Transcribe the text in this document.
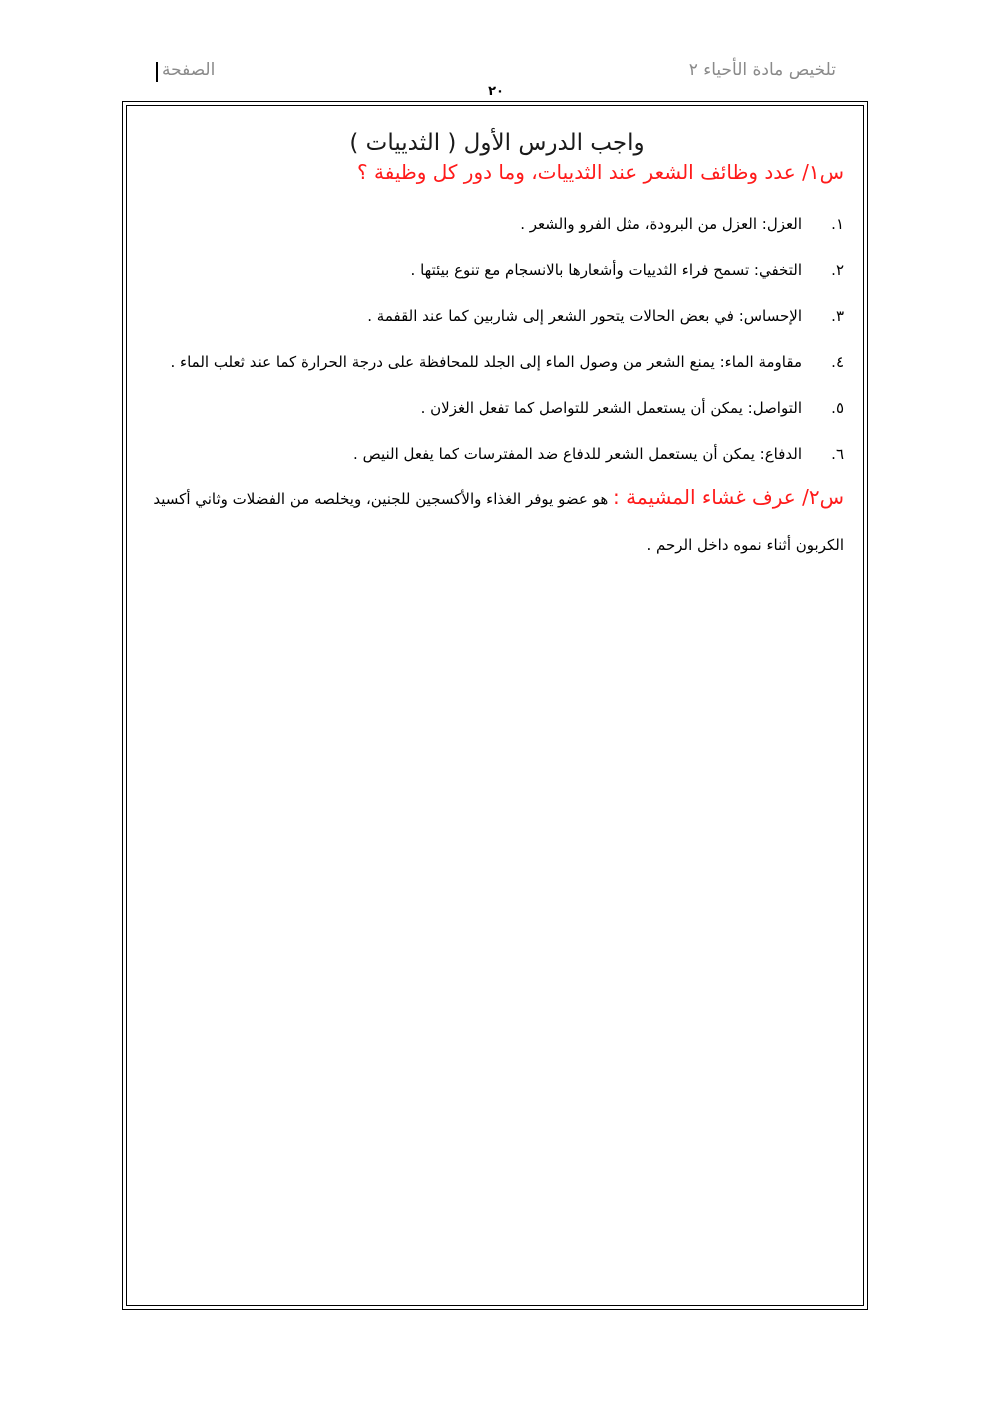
تلخيص مادة الأحياء ٢
الصفحة
٢٠
واجب الدرس الأول ( الثدييات )
س١/ عدد وظائف الشعر عند الثدييات، وما دور كل وظيفة ؟
١.
العزل: العزل من البرودة، مثل الفرو والشعر .
٢.
التخفي: تسمح فراء الثدييات وأشعارها بالانسجام مع تنوع بيئتها .
٣.
الإحساس: في بعض الحالات يتحور الشعر إلى شاربين كما عند القفمة .
٤.
مقاومة الماء: يمنع الشعر من وصول الماء إلى الجلد للمحافظة على درجة الحرارة كما عند ثعلب الماء .
٥.
التواصل: يمكن أن يستعمل الشعر للتواصل كما تفعل الغزلان .
٦.
الدفاع: يمكن أن يستعمل الشعر للدفاع ضد المفترسات كما يفعل النيص .
س٢/ عرف غشاء المشيمة : هو عضو يوفر الغذاء والأكسجين للجنين، ويخلصه من الفضلات وثاني أكسيد الكربون أثناء نموه داخل الرحم .
